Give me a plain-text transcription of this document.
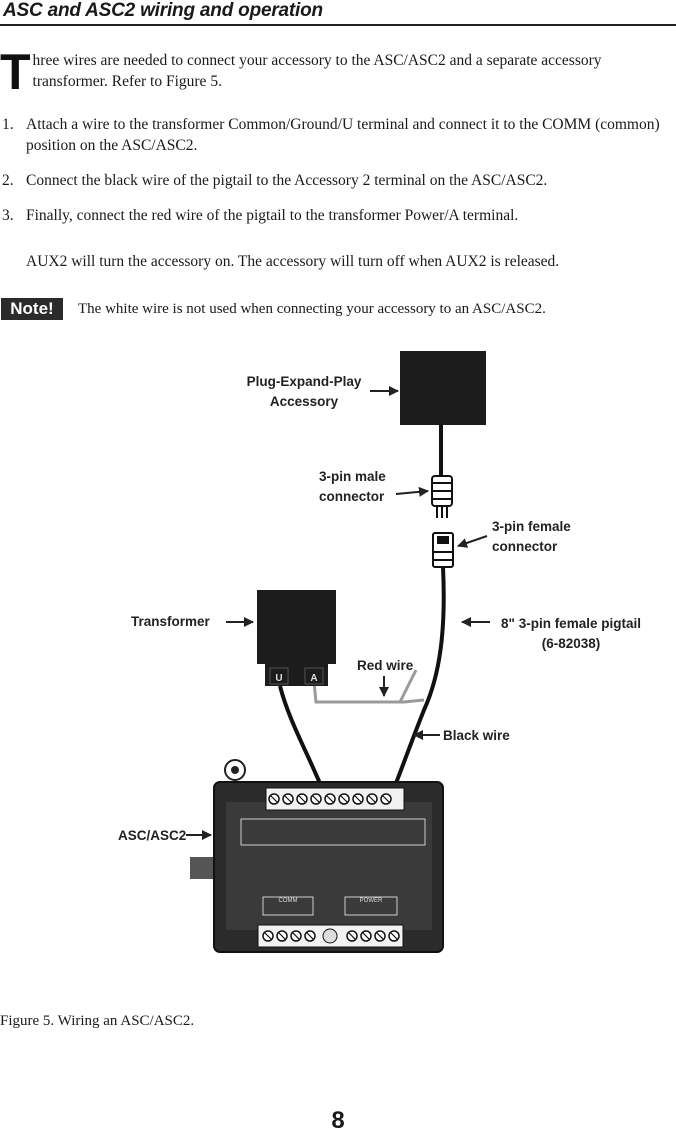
ASC and ASC2 wiring and operation
T hree wires are needed to connect your accessory to the ASC/ASC2 and a separate accessory transformer. Refer to Figure 5.
1. Attach a wire to the transformer Common/Ground/U terminal and connect it to the COMM (common) position on the ASC/ASC2.
2. Connect the black wire of the pigtail to the Accessory 2 terminal on the ASC/ASC2.
3. Finally, connect the red wire of the pigtail to the transformer Power/A terminal.
AUX2 will turn the accessory on. The accessory will turn off when AUX2 is released.
Note!	The white wire is not used when connecting your accessory to an ASC/ASC2.
U	A
COMM	POWER
Plug-Expand-Play
Accessory
3-pin male
connector
3-pin female
connector
Transformer	8" 3-pin female pigtail
(6-82038)
Red wire
Black wire
ASC/ASC2
Figure 5. Wiring an ASC/ASC2.
8
